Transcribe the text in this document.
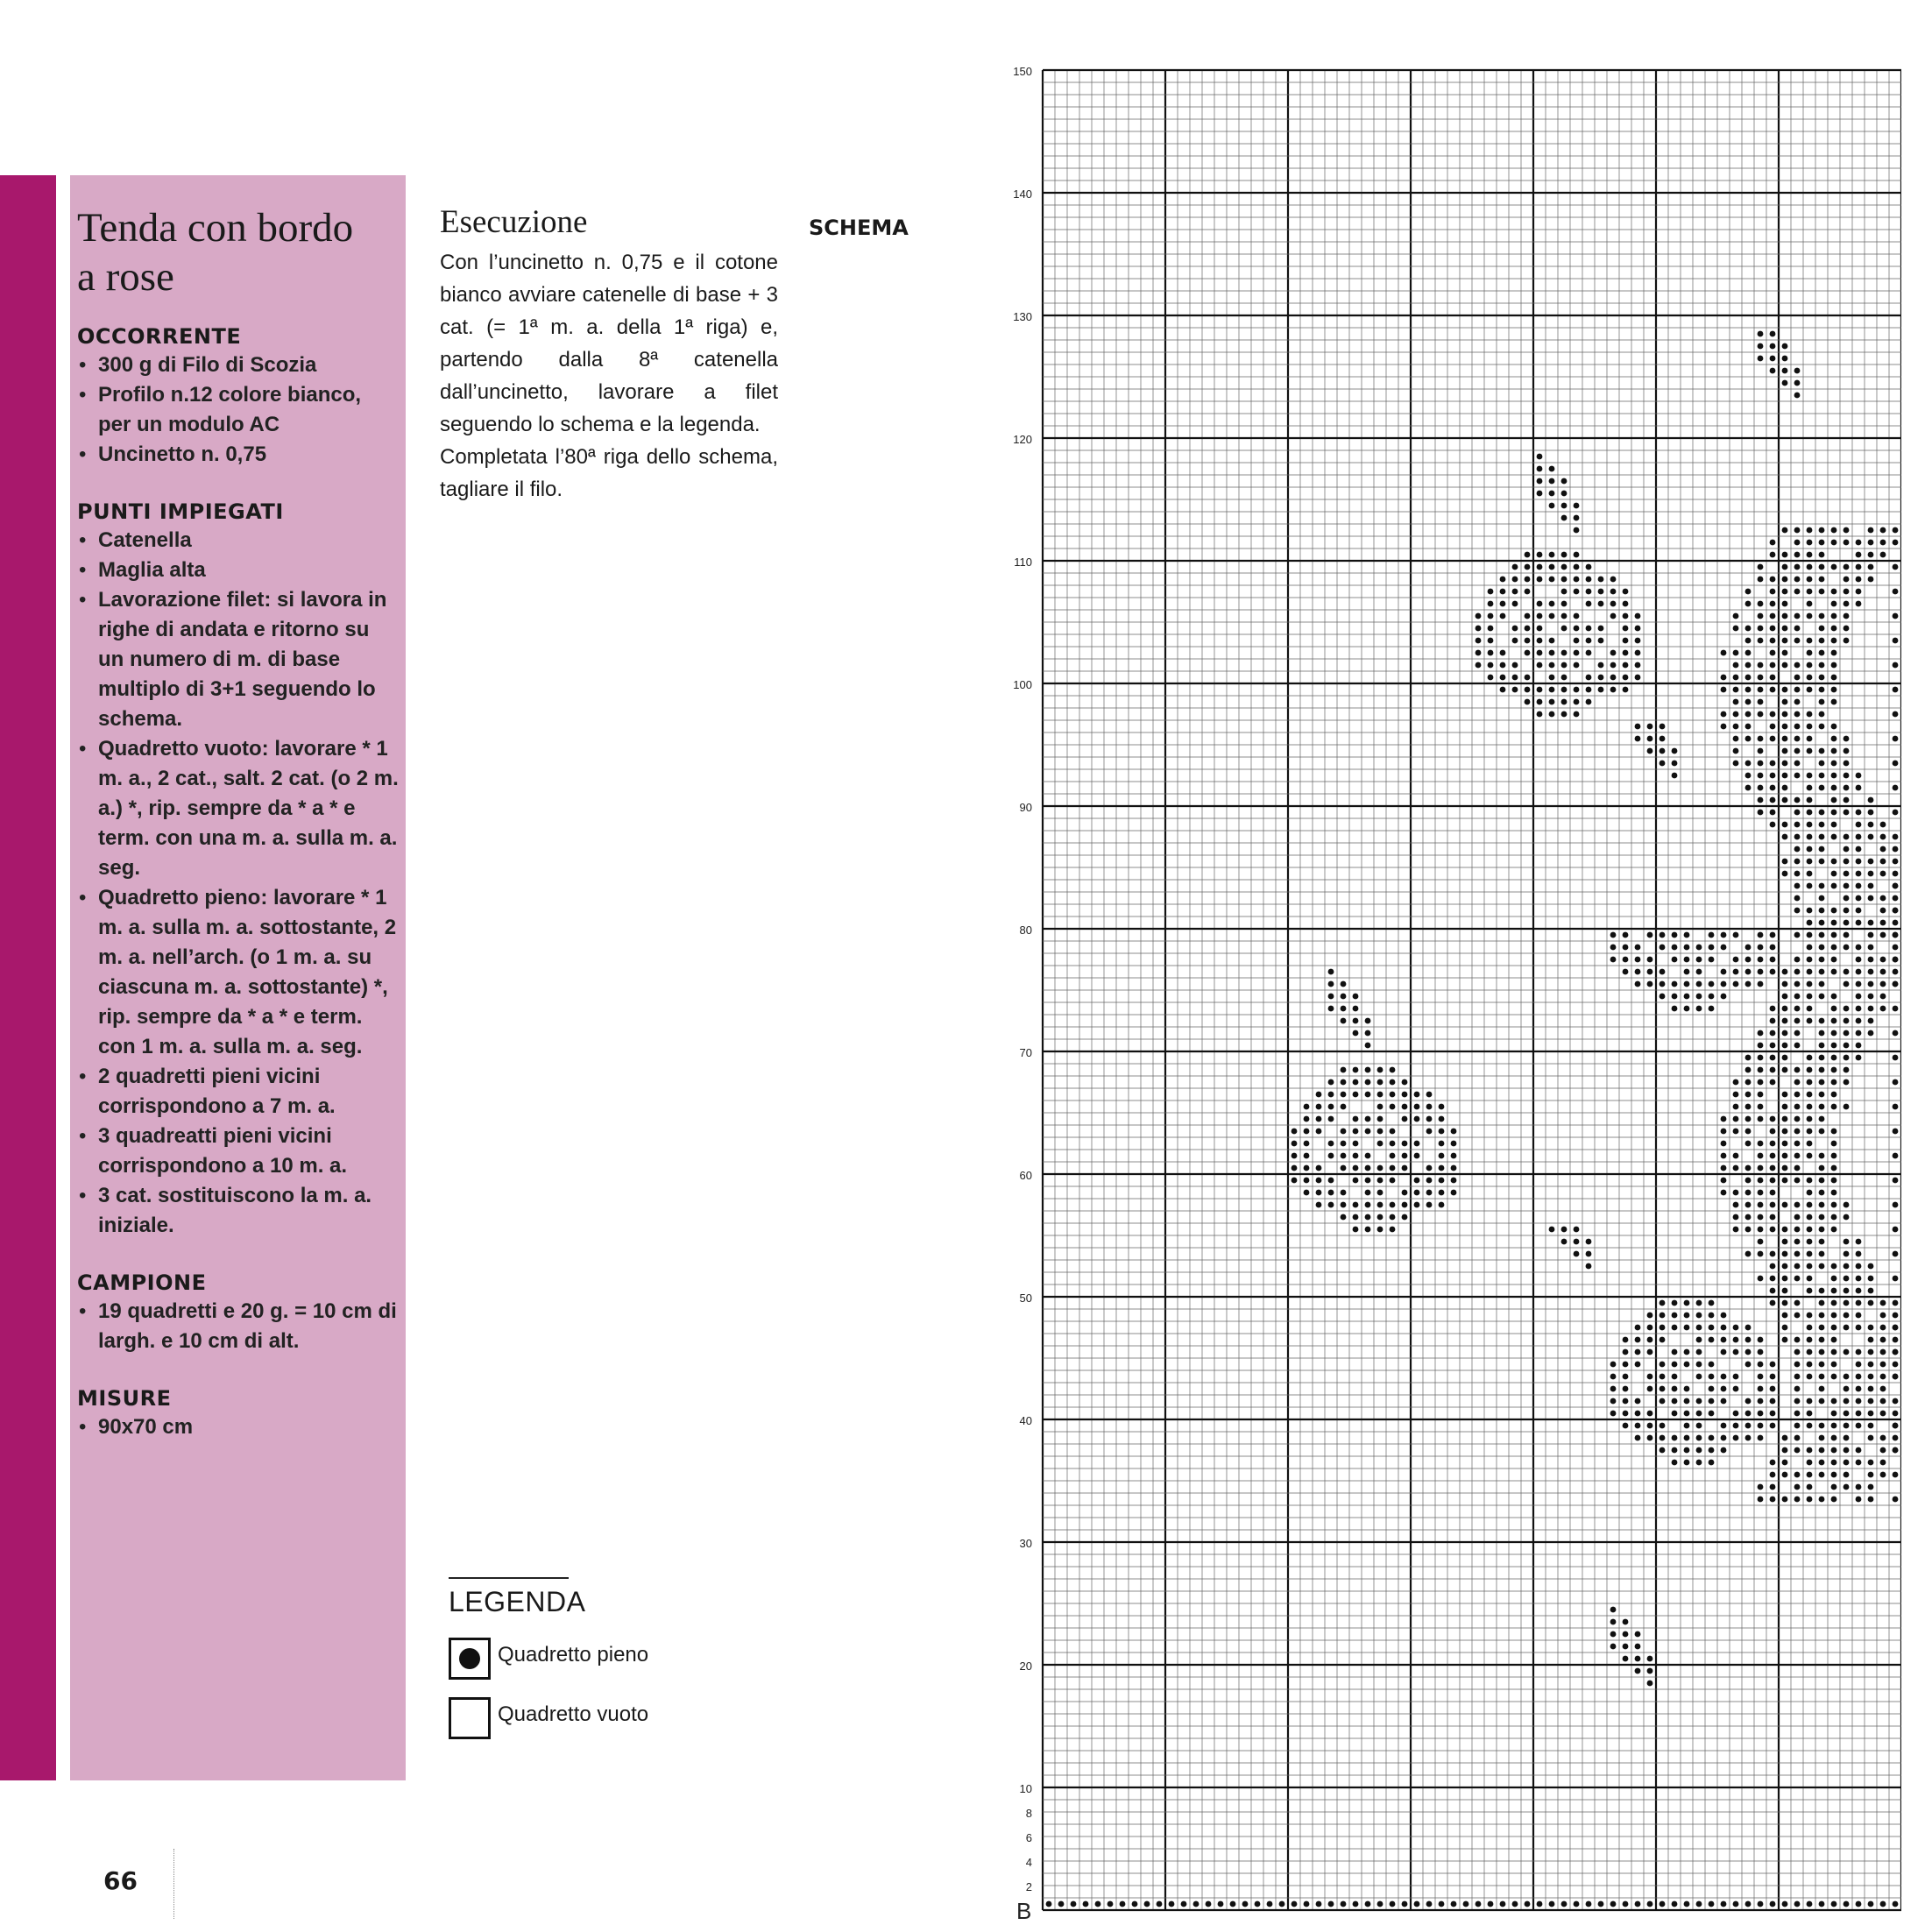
Tenda con bordo
a rose
OCCORRENTE
• 300 g di Filo di Scozia
• Profilo n.12 colore bianco, per un modulo AC
• Uncinetto n. 0,75
PUNTI IMPIEGATI
• Catenella
• Maglia alta
• Lavorazione filet: si lavora in righe di andata e ritorno su un numero di m. di base multiplo di 3+1 seguendo lo schema.
• Quadretto vuoto: lavorare * 1 m. a., 2 cat., salt. 2 cat. (o 2 m. a.) *, rip. sempre da * a * e term. con una m. a. sulla m. a. seg.
• Quadretto pieno: lavorare * 1 m. a. sulla m. a. sottostante, 2 m. a. nell’arch. (o 1 m. a. su ciascuna m. a. sottostante) *, rip. sempre da * a * e term. con 1 m. a. sulla m. a. seg.
• 2 quadretti pieni vicini corrispondono a 7 m. a.
• 3 quadreatti pieni vicini corrispondono a 10 m. a.
• 3 cat. sostituiscono la m. a. iniziale.
CAMPIONE
• 19 quadretti e 20 g. = 10 cm di largh. e 10 cm di alt.
MISURE
• 90x70 cm
Esecuzione

Con l’uncinetto n. 0,75 e il cotone bianco avviare catenelle di base + 3 cat. (= 1ª m. a. della 1ª riga) e, partendo dalla 8ª catenella dall’uncinetto, lavorare a filet seguendo lo schema e la legenda.

Completata l’80ª riga dello schema, tagliare il filo.

SCHEMA
LEGENDA
Quadretto pieno
Quadretto vuoto
66
150
140
130
120
110
100
90
80
70
60
50
40
30
20
10
8
6
4
2
B
